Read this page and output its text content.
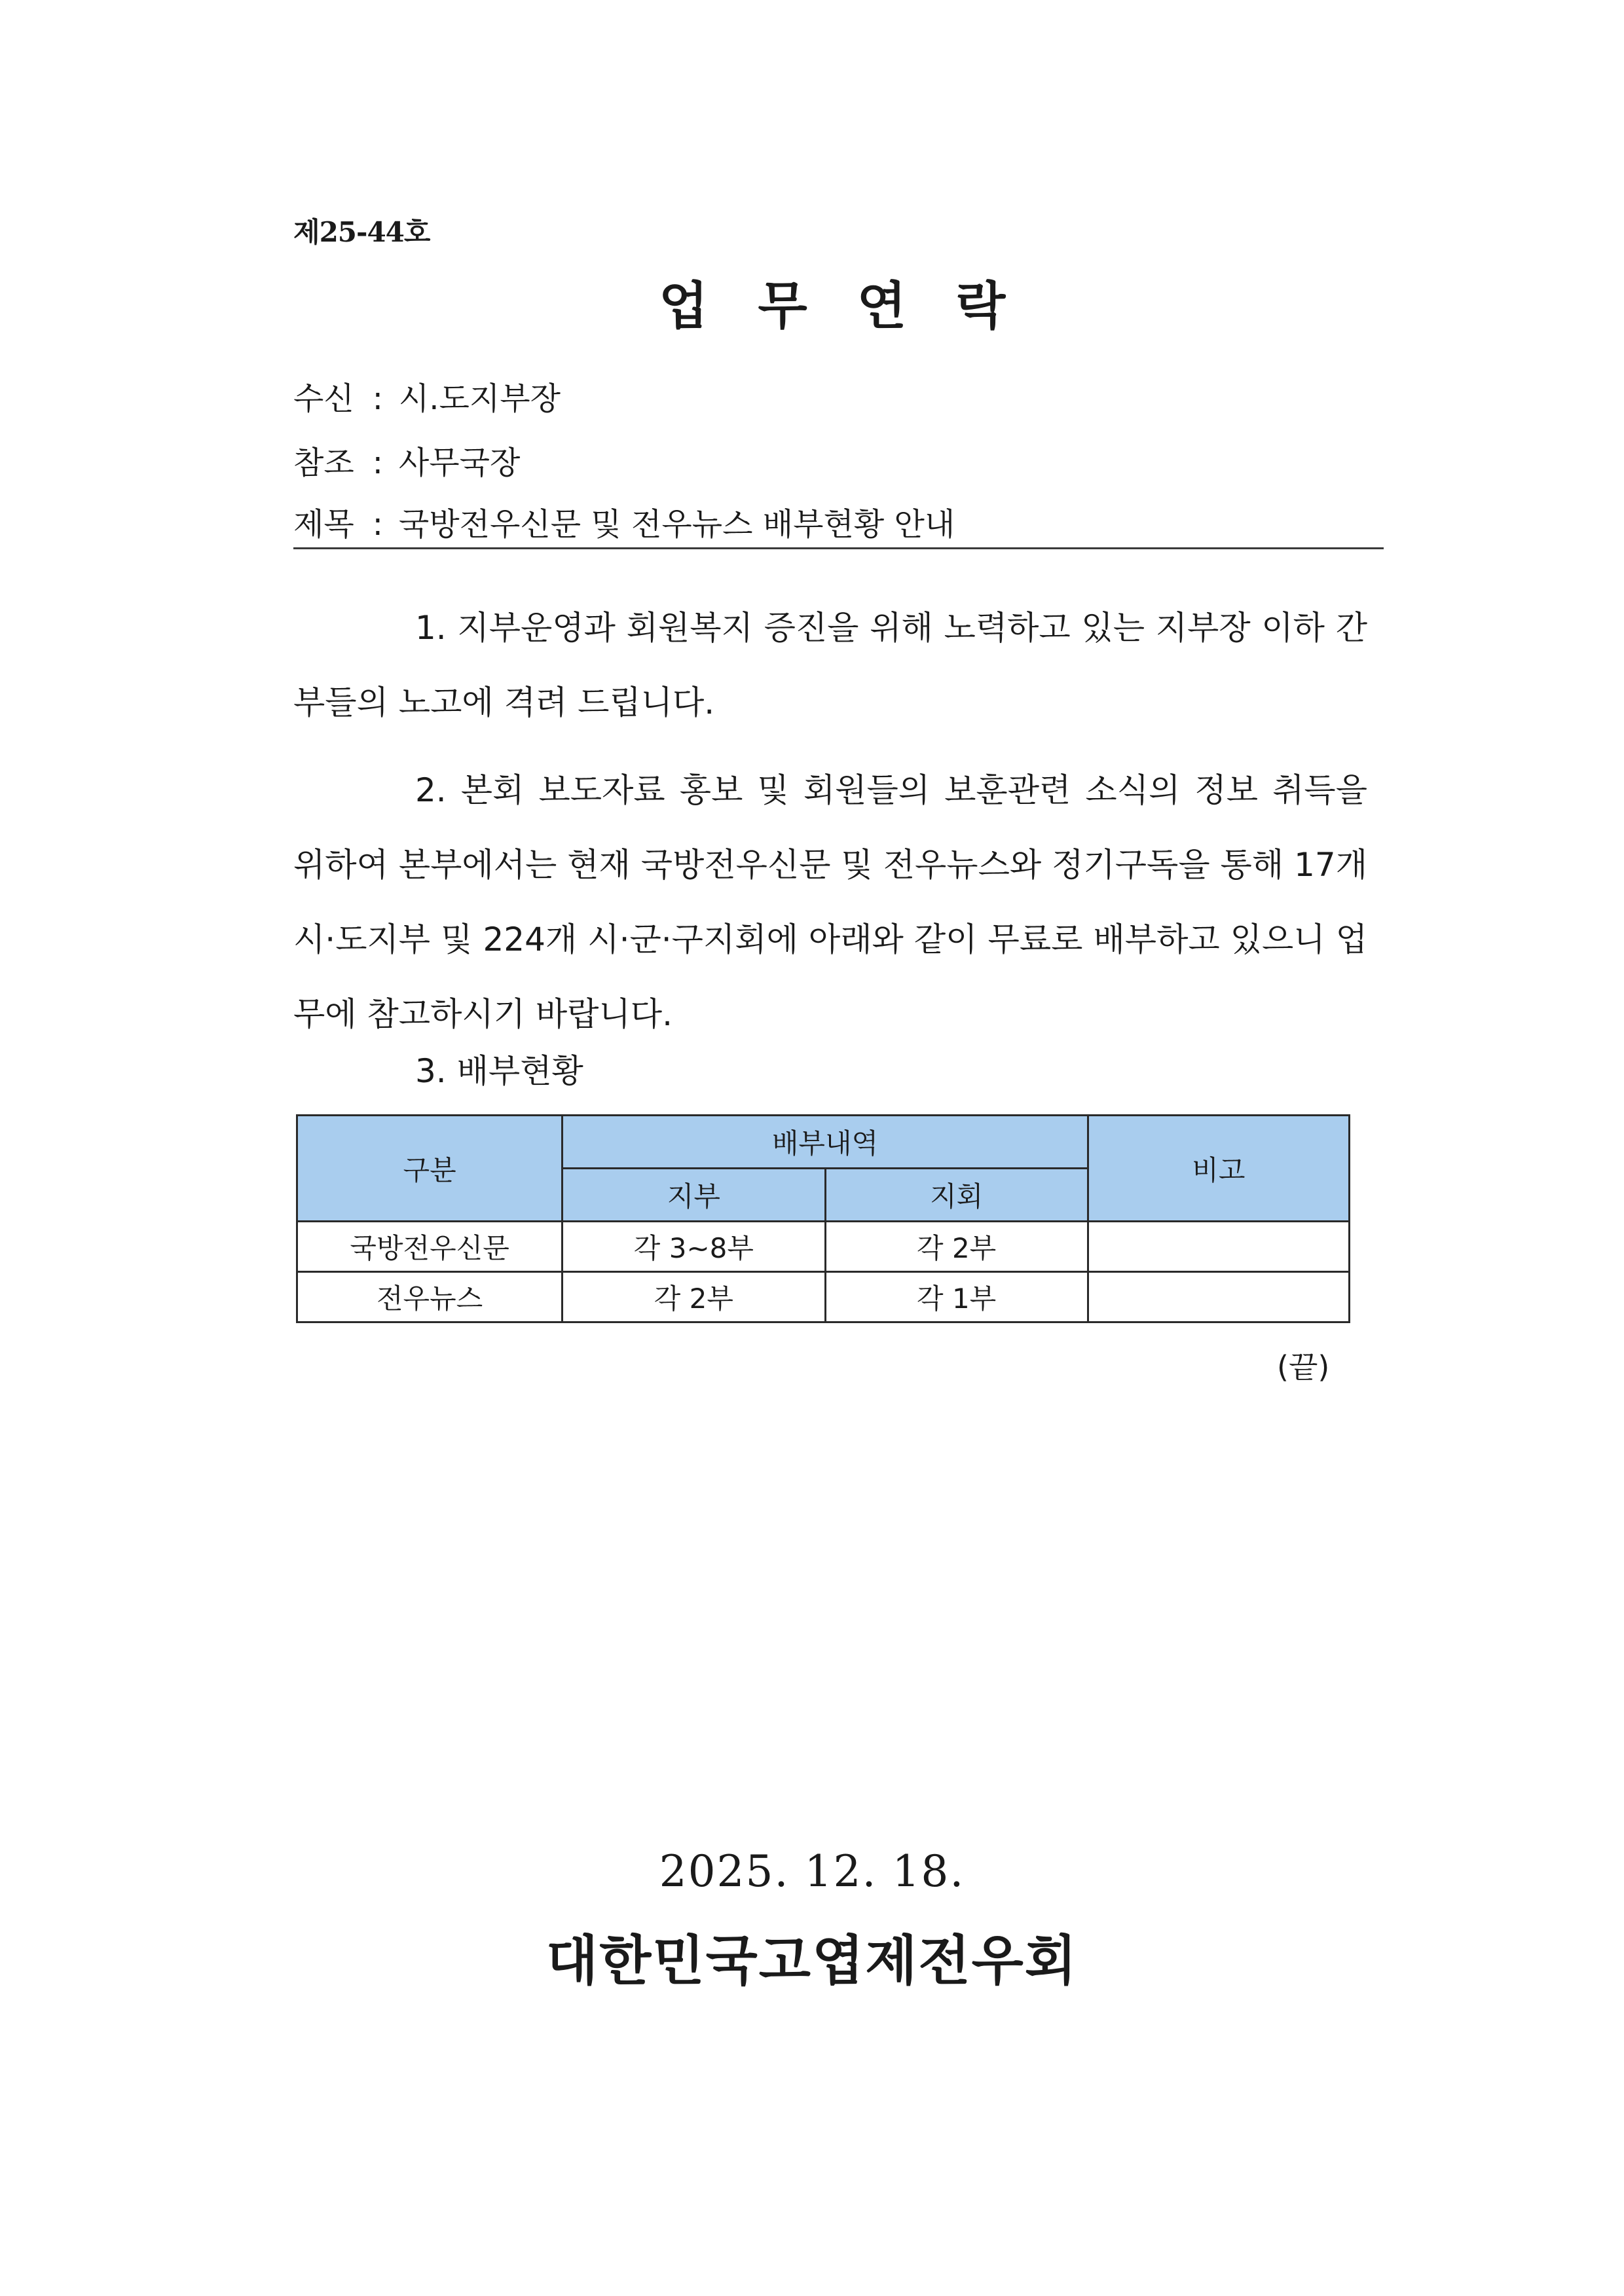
제25-44호
업무연락
수신 : 시.도지부장
참조 : 사무국장
제목 : 국방전우신문 및 전우뉴스 배부현황 안내
1. 지부운영과 회원복지 증진을 위해 노력하고 있는 지부장 이하 간부들의 노고에 격려 드립니다.
2. 본회 보도자료 홍보 및 회원들의 보훈관련 소식의 정보 취득을 위하여 본부에서는 현재 국방전우신문 및 전우뉴스와 정기구독을 통해 17개 시·도지부 및 224개 시·군·구지회에 아래와 같이 무료로 배부하고 있으니 업무에 참고하시기 바랍니다.
3. 배부현황
구분	배부내역		비고
	지부	지회	
국방전우신문	각 3~8부	각 2부	
전우뉴스	각 2부	각 1부	
(끝)
2025. 12. 18.
대한민국고엽제전우회
